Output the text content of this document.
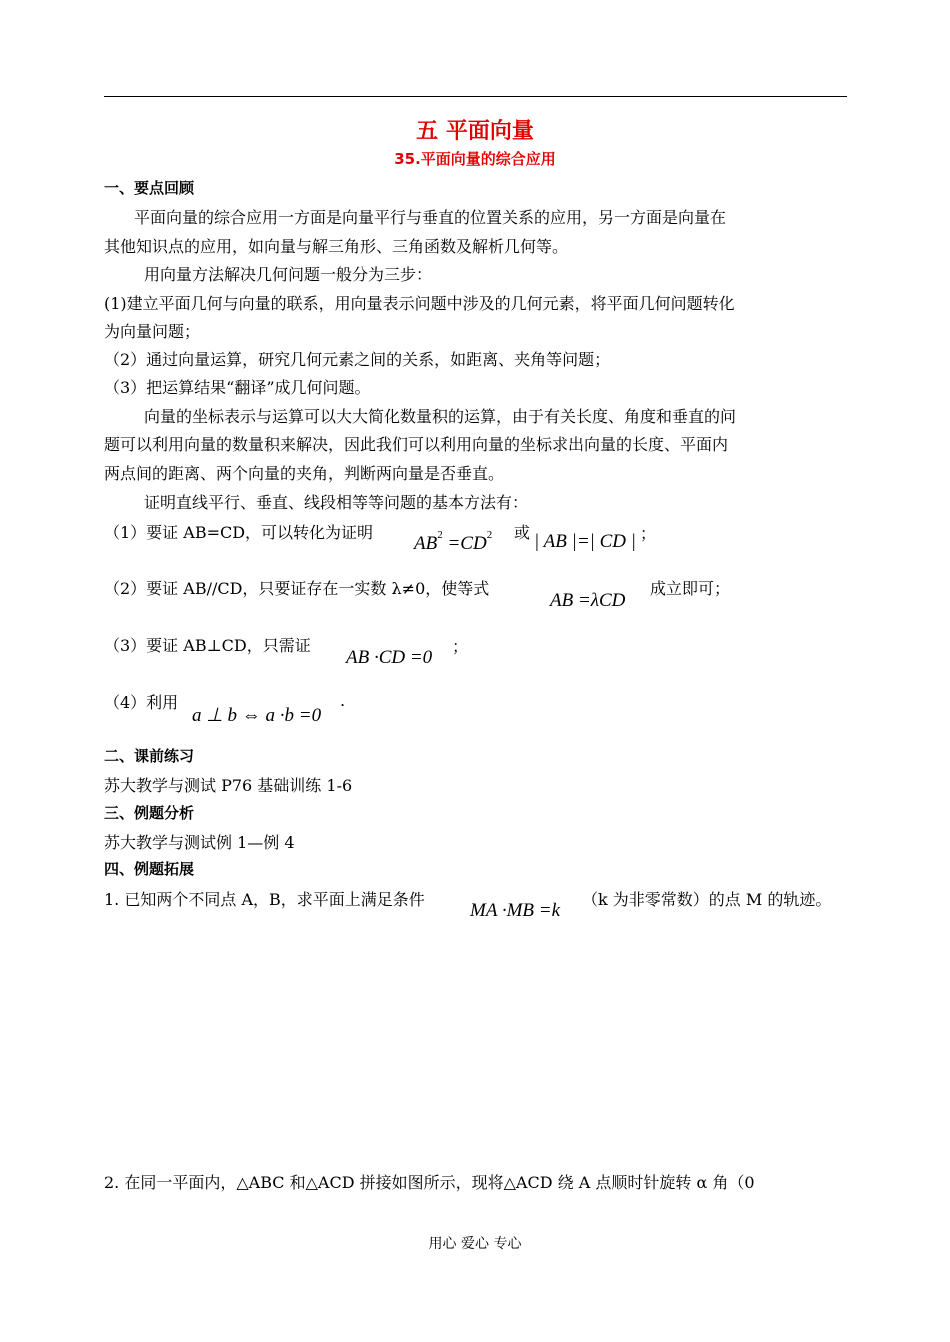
五 平面向量
35.平面向量的综合应用
一、要点回顾
平面向量的综合应用一方面是向量平行与垂直的位置关系的应用，另一方面是向量在
其他知识点的应用，如向量与解三角形、三角函数及解析几何等。
用向量方法解决几何问题一般分为三步：
(1)建立平面几何与向量的联系，用向量表示问题中涉及的几何元素，将平面几何问题转化
为向量问题；
（2）通过向量运算，研究几何元素之间的关系，如距离、夹角等问题；
（3）把运算结果“翻译”成几何问题。
向量的坐标表示与运算可以大大简化数量积的运算，由于有关长度、角度和垂直的问
题可以利用向量的数量积来解决，因此我们可以利用向量的坐标求出向量的长度、平面内
两点间的距离、两个向量的夹角，判断两向量是否垂直。
证明直线平行、垂直、线段相等等问题的基本方法有：
（1）要证 AB=CD，可以转化为证明
$AB^2 =CD^2$ 或 | AB |=| CD | ；
（2）要证 AB//CD，只要证存在一实数 λ≠0，使等式
AB =λCD
成立即可；
（3）要证 AB⊥CD，只需证
AB ·CD =0
；
（4）利用
a ⊥ b ⇔ a ·b =0
.
二、课前练习
苏大教学与测试 P76 基础训练 1-6
三、例题分析
苏大教学与测试例 1—例 4
四、例题拓展
1. 已知两个不同点 A，B，求平面上满足条件
MA ·MB =k
（k 为非零常数）的点 M 的轨迹。
2. 在同一平面内，△ABC 和△ACD 拼接如图所示，现将△ACD 绕 A 点顺时针旋转 α 角（0
用心 爱心 专心
